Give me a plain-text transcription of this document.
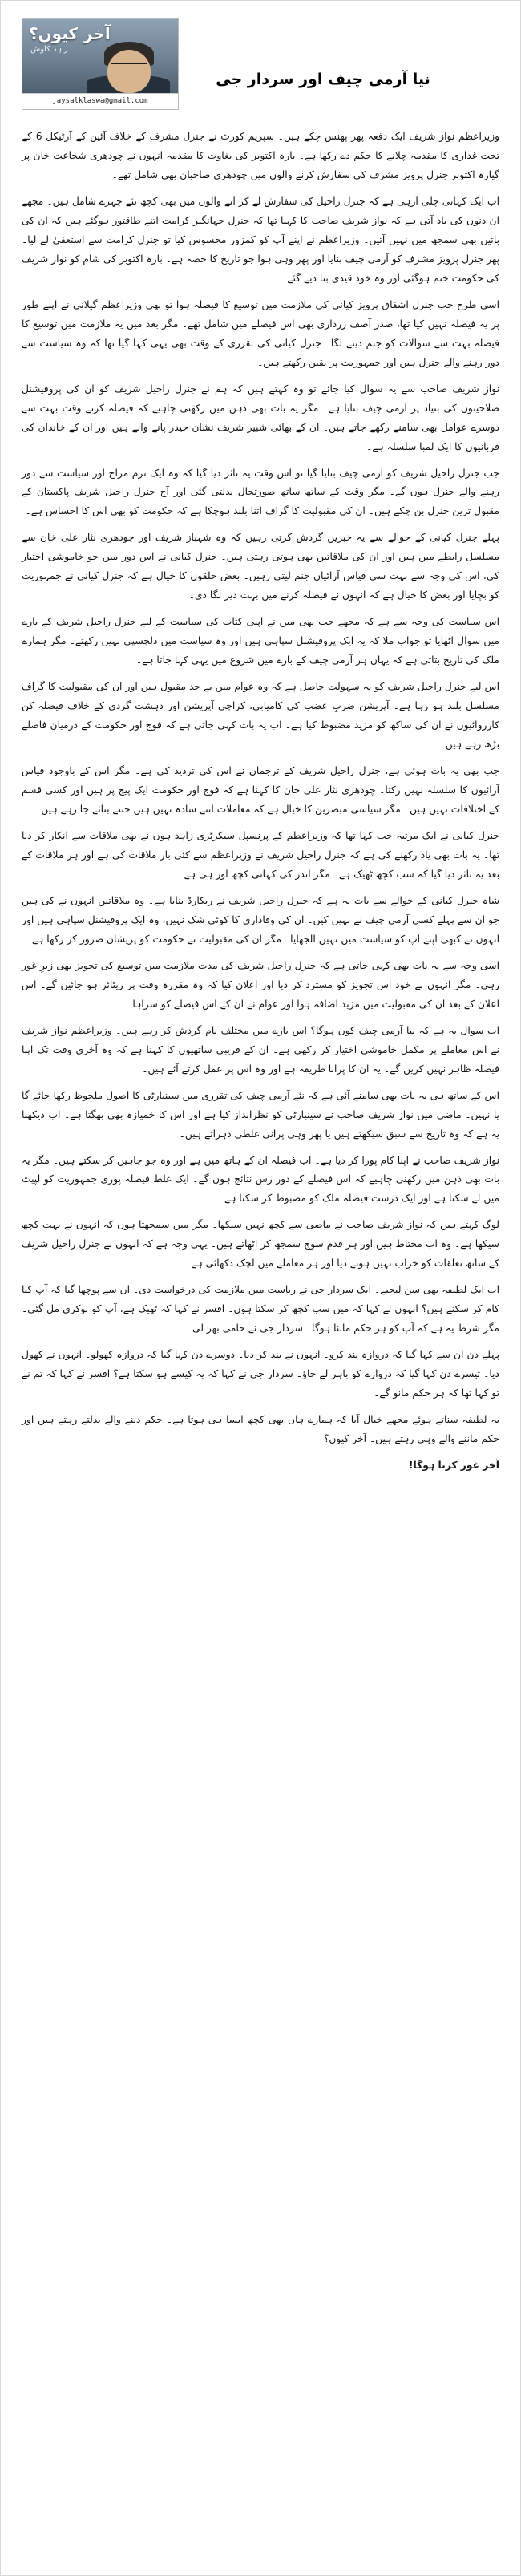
آخر کیوں؟
زاہد کاوش
jaysalklaswa@gmail.com
نیا آرمی چیف اور سردار جی

وزیراعظم نواز شریف ایک دفعہ پھر پھنس چکے ہیں۔ سپریم کورٹ نے جنرل مشرف کے خلاف آئین کے آرٹیکل 6 کے تحت غداری کا مقدمہ چلانے کا حکم دے رکھا ہے۔ بارہ اکتوبر کی بغاوت کا مقدمہ انہوں نے چودھری شجاعت خان پر گیارہ اکتوبر جنرل پرویز مشرف کی سفارش کرنے والوں میں چودھری صاحبان بھی شامل تھے۔

اب ایک کہانی چلی آرہی ہے کہ جنرل راحیل کی سفارش لے کر آنے والوں میں بھی کچھ نئے چہرے شامل ہیں۔ مجھے ان دنوں کی یاد آتی ہے کہ نواز شریف صاحب کا کہنا تھا کہ جنرل جہانگیر کرامت اتنے طاقتور ہوگئے ہیں کہ ان کی باتیں بھی سمجھ میں نہیں آتیں۔ وزیراعظم نے اپنے آپ کو کمزور محسوس کیا تو جنرل کرامت سے استعفیٰ لے لیا۔ پھر جنرل پرویز مشرف کو آرمی چیف بنایا اور پھر وہی ہوا جو تاریخ کا حصہ ہے۔ بارہ اکتوبر کی شام کو نواز شریف کی حکومت ختم ہوگئی اور وہ خود قیدی بنا دیے گئے۔

اسی طرح جب جنرل اشفاق پرویز کیانی کی ملازمت میں توسیع کا فیصلہ ہوا تو بھی وزیراعظم گیلانی نے اپنے طور پر یہ فیصلہ نہیں کیا تھا، صدر آصف زرداری بھی اس فیصلے میں شامل تھے۔ مگر بعد میں یہ ملازمت میں توسیع کا فیصلہ بہت سے سوالات کو جنم دینے لگا۔ جنرل کیانی کی تقرری کے وقت بھی یہی کہا گیا تھا کہ وہ سیاست سے دور رہنے والے جنرل ہیں اور جمہوریت پر یقین رکھتے ہیں۔

نواز شریف صاحب سے یہ سوال کیا جائے تو وہ کہتے ہیں کہ ہم نے جنرل راحیل شریف کو ان کی پروفیشنل صلاحیتوں کی بنیاد پر آرمی چیف بنایا ہے۔ مگر یہ بات بھی ذہن میں رکھنی چاہیے کہ فیصلہ کرتے وقت بہت سے دوسرے عوامل بھی سامنے رکھے جاتے ہیں۔ ان کے بھائی شبیر شریف نشان حیدر پانے والے ہیں اور ان کے خاندان کی قربانیوں کا ایک لمبا سلسلہ ہے۔

جب جنرل راحیل شریف کو آرمی چیف بنایا گیا تو اس وقت یہ تاثر دیا گیا کہ وہ ایک نرم مزاج اور سیاست سے دور رہنے والے جنرل ہوں گے۔ مگر وقت کے ساتھ ساتھ صورتحال بدلتی گئی اور آج جنرل راحیل شریف پاکستان کے مقبول ترین جنرل بن چکے ہیں۔ ان کی مقبولیت کا گراف اتنا بلند ہوچکا ہے کہ حکومت کو بھی اس کا احساس ہے۔

پہلے جنرل کیانی کے حوالے سے یہ خبریں گردش کرتی رہیں کہ وہ شہباز شریف اور چودھری نثار علی خان سے مسلسل رابطے میں ہیں اور ان کی ملاقاتیں بھی ہوتی رہتی ہیں۔ جنرل کیانی نے اس دور میں جو خاموشی اختیار کی، اس کی وجہ سے بہت سی قیاس آرائیاں جنم لیتی رہیں۔ بعض حلقوں کا خیال ہے کہ جنرل کیانی نے جمہوریت کو بچایا اور بعض کا خیال ہے کہ انہوں نے فیصلہ کرنے میں بہت دیر لگا دی۔

اس سیاست کی وجہ سے ہے کہ مجھے جب بھی میں نے اپنی کتاب کی سیاست کے لیے جنرل راحیل شریف کے بارے میں سوال اٹھایا تو جواب ملا کہ یہ ایک پروفیشنل سپاہی ہیں اور وہ سیاست میں دلچسپی نہیں رکھتے۔ مگر ہمارے ملک کی تاریخ بتاتی ہے کہ یہاں ہر آرمی چیف کے بارے میں شروع میں یہی کہا جاتا ہے۔

اس لیے جنرل راحیل شریف کو یہ سہولت حاصل ہے کہ وہ عوام میں بے حد مقبول ہیں اور ان کی مقبولیت کا گراف مسلسل بلند ہو رہا ہے۔ آپریشن ضربِ عضب کی کامیابی، کراچی آپریشن اور دہشت گردی کے خلاف فیصلہ کن کارروائیوں نے ان کی ساکھ کو مزید مضبوط کیا ہے۔ اب یہ بات کہی جاتی ہے کہ فوج اور حکومت کے درمیان فاصلے بڑھ رہے ہیں۔

جب بھی یہ بات ہوئی ہے، جنرل راحیل شریف کے ترجمان نے اس کی تردید کی ہے۔ مگر اس کے باوجود قیاس آرائیوں کا سلسلہ نہیں رکتا۔ چودھری نثار علی خان کا کہنا ہے کہ فوج اور حکومت ایک پیج پر ہیں اور کسی قسم کے اختلافات نہیں ہیں۔ مگر سیاسی مبصرین کا خیال ہے کہ معاملات اتنے سادہ نہیں ہیں جتنے بتائے جا رہے ہیں۔

جنرل کیانی نے ایک مرتبہ جب کہا تھا کہ وزیراعظم کے پرنسپل سیکرٹری زاہد ہوں نے بھی ملاقات سے انکار کر دیا تھا۔ یہ بات بھی یاد رکھنے کی ہے کہ جنرل راحیل شریف نے وزیراعظم سے کئی بار ملاقات کی ہے اور ہر ملاقات کے بعد یہ تاثر دیا گیا کہ سب کچھ ٹھیک ہے۔ مگر اندر کی کہانی کچھ اور ہی ہے۔

شاہ جنرل کیانی کے حوالے سے بات یہ ہے کہ جنرل راحیل شریف نے ریکارڈ بنایا ہے۔ وہ ملاقاتیں انہوں نے کی ہیں جو ان سے پہلے کسی آرمی چیف نے نہیں کیں۔ ان کی وفاداری کا کوئی شک نہیں، وہ ایک پروفیشنل سپاہی ہیں اور انہوں نے کبھی اپنے آپ کو سیاست میں نہیں الجھایا۔ مگر ان کی مقبولیت نے حکومت کو پریشان ضرور کر رکھا ہے۔

اسی وجہ سے یہ بات بھی کہی جاتی ہے کہ جنرل راحیل شریف کی مدت ملازمت میں توسیع کی تجویز بھی زیرِ غور رہی۔ مگر انہوں نے خود اس تجویز کو مسترد کر دیا اور اعلان کیا کہ وہ مقررہ وقت پر ریٹائر ہو جائیں گے۔ اس اعلان کے بعد ان کی مقبولیت میں مزید اضافہ ہوا اور عوام نے ان کے اس فیصلے کو سراہا۔

اب سوال یہ ہے کہ نیا آرمی چیف کون ہوگا؟ اس بارے میں مختلف نام گردش کر رہے ہیں۔ وزیراعظم نواز شریف نے اس معاملے پر مکمل خاموشی اختیار کر رکھی ہے۔ ان کے قریبی ساتھیوں کا کہنا ہے کہ وہ آخری وقت تک اپنا فیصلہ ظاہر نہیں کریں گے۔ یہ ان کا پرانا طریقہ ہے اور وہ اس پر عمل کرتے آئے ہیں۔

اس کے ساتھ ہی یہ بات بھی سامنے آئی ہے کہ نئے آرمی چیف کی تقرری میں سینیارٹی کا اصول ملحوظ رکھا جائے گا یا نہیں۔ ماضی میں نواز شریف صاحب نے سینیارٹی کو نظرانداز کیا ہے اور اس کا خمیازہ بھی بھگتا ہے۔ اب دیکھنا یہ ہے کہ وہ تاریخ سے سبق سیکھتے ہیں یا پھر وہی پرانی غلطی دہراتے ہیں۔

نواز شریف صاحب نے اپنا کام پورا کر دیا ہے۔ اب فیصلہ ان کے ہاتھ میں ہے اور وہ جو چاہیں کر سکتے ہیں۔ مگر یہ بات بھی ذہن میں رکھنی چاہیے کہ اس فیصلے کے دور رس نتائج ہوں گے۔ ایک غلط فیصلہ پوری جمہوریت کو لپیٹ میں لے سکتا ہے اور ایک درست فیصلہ ملک کو مضبوط کر سکتا ہے۔

لوگ کہتے ہیں کہ نواز شریف صاحب نے ماضی سے کچھ نہیں سیکھا۔ مگر میں سمجھتا ہوں کہ انہوں نے بہت کچھ سیکھا ہے۔ وہ اب محتاط ہیں اور ہر قدم سوچ سمجھ کر اٹھاتے ہیں۔ یہی وجہ ہے کہ انہوں نے جنرل راحیل شریف کے ساتھ تعلقات کو خراب نہیں ہونے دیا اور ہر معاملے میں لچک دکھائی ہے۔

اب ایک لطیفہ بھی سن لیجیے۔ ایک سردار جی نے ریاست میں ملازمت کی درخواست دی۔ ان سے پوچھا گیا کہ آپ کیا کام کر سکتے ہیں؟ انہوں نے کہا کہ میں سب کچھ کر سکتا ہوں۔ افسر نے کہا کہ ٹھیک ہے، آپ کو نوکری مل گئی۔ مگر شرط یہ ہے کہ آپ کو ہر حکم ماننا ہوگا۔ سردار جی نے حامی بھر لی۔

پہلے دن ان سے کہا گیا کہ دروازہ بند کرو۔ انہوں نے بند کر دیا۔ دوسرے دن کہا گیا کہ دروازہ کھولو۔ انہوں نے کھول دیا۔ تیسرے دن کہا گیا کہ دروازے کو باہر لے جاؤ۔ سردار جی نے کہا کہ یہ کیسے ہو سکتا ہے؟ افسر نے کہا کہ تم نے تو کہا تھا کہ ہر حکم مانو گے۔

یہ لطیفہ سناتے ہوئے مجھے خیال آیا کہ ہمارے ہاں بھی کچھ ایسا ہی ہوتا ہے۔ حکم دینے والے بدلتے رہتے ہیں اور حکم ماننے والے وہی رہتے ہیں۔ آخر کیوں؟

آخر غور کرنا ہوگا!
